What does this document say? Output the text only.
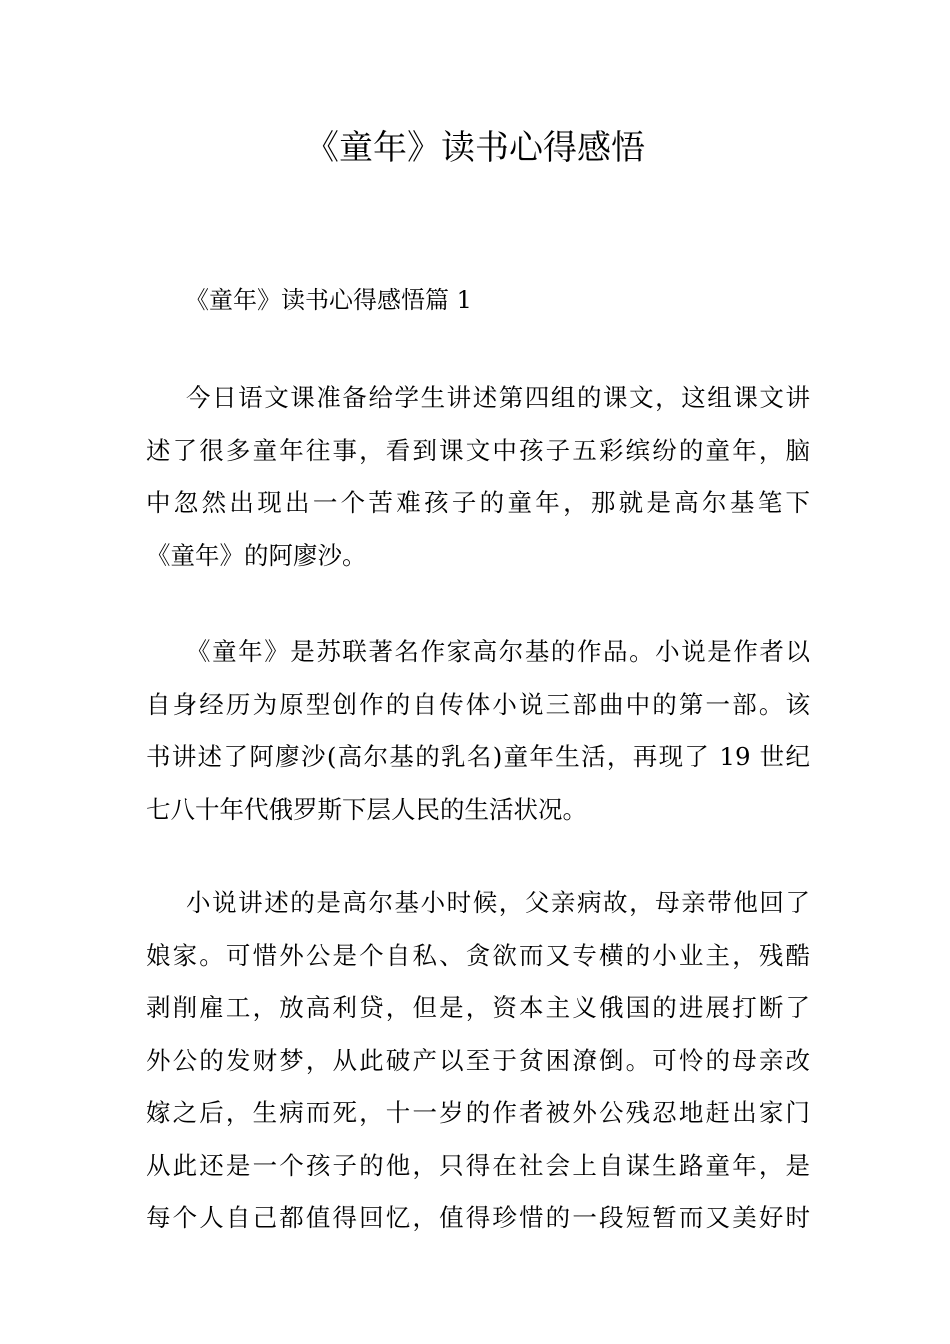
《童年》读书心得感悟

《童年》读书心得感悟篇 1

今日语文课准备给学生讲述第四组的课文，这组课文讲
述了很多童年往事，看到课文中孩子五彩缤纷的童年，脑
中忽然出现出一个苦难孩子的童年，那就是高尔基笔下
《童年》的阿廖沙。
《童年》是苏联著名作家高尔基的作品。小说是作者以
自身经历为原型创作的自传体小说三部曲中的第一部。该
书讲述了阿廖沙(高尔基的乳名)童年生活，再现了 19 世纪
七八十年代俄罗斯下层人民的生活状况。
小说讲述的是高尔基小时候，父亲病故，母亲带他回了
娘家。可惜外公是个自私、贪欲而又专横的小业主，残酷
剥削雇工，放高利贷，但是，资本主义俄国的进展打断了
外公的发财梦，从此破产以至于贫困潦倒。可怜的母亲改
嫁之后，生病而死，十一岁的作者被外公残忍地赶出家门
从此还是一个孩子的他，只得在社会上自谋生路童年，是
每个人自己都值得回忆，值得珍惜的一段短暂而又美好时
